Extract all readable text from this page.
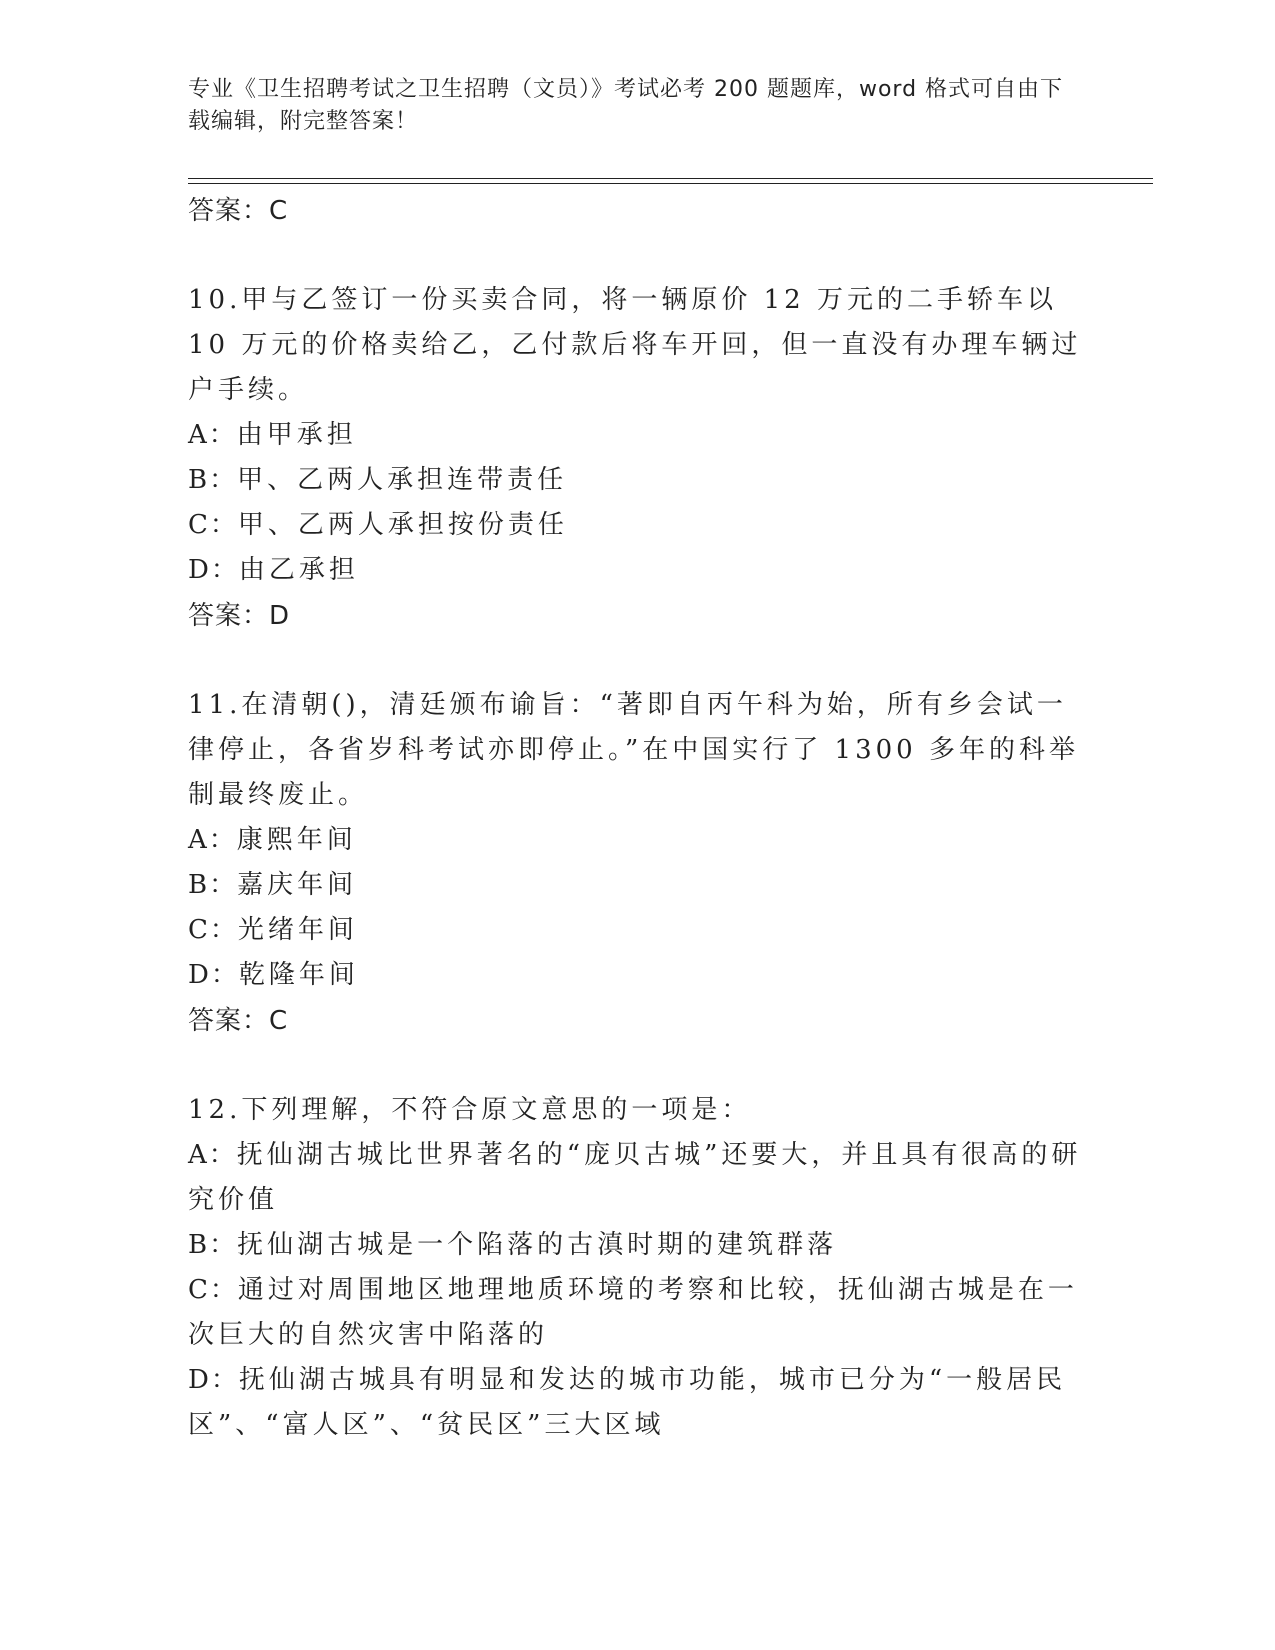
专业《卫生招聘考试之卫生招聘（文员）》考试必考 200 题题库，word 格式可自由下载编辑，附完整答案！
答案：C
10.甲与乙签订一份买卖合同，将一辆原价 12 万元的二手轿车以 10 万元的价格卖给乙，乙付款后将车开回，但一直没有办理车辆过户手续。
A：由甲承担
B：甲、乙两人承担连带责任
C：甲、乙两人承担按份责任
D：由乙承担
答案：D
11.在清朝()，清廷颁布谕旨：“著即自丙午科为始，所有乡会试一律停止，各省岁科考试亦即停止。”在中国实行了 1300 多年的科举制最终废止。
A：康熙年间
B：嘉庆年间
C：光绪年间
D：乾隆年间
答案：C
12.下列理解，不符合原文意思的一项是：
A：抚仙湖古城比世界著名的“庞贝古城”还要大，并且具有很高的研究价值
B：抚仙湖古城是一个陷落的古滇时期的建筑群落
C：通过对周围地区地理地质环境的考察和比较，抚仙湖古城是在一次巨大的自然灾害中陷落的
D：抚仙湖古城具有明显和发达的城市功能，城市已分为“一般居民区”、“富人区”、“贫民区”三大区域
